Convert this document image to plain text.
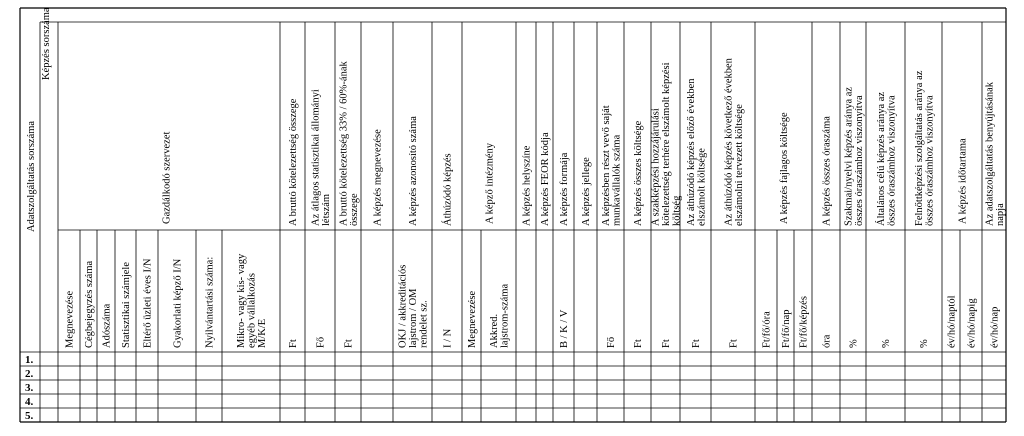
Adatszolgáltatás sorszáma
Képzés sorszáma
Megnevezése Cégbejegyzés száma Adószáma Statisztikai számjele
Gazdálkodó szervezet
Eltérő üzleti éves I/N Gyakorlati képző I/N Nyilvántartási száma: Mikro- vagy kis- vagy egyéb vállalkozás M/K/E
A bruttó kötelezettség összege
Ft
Az átlagos statisztikai állományi létszám
Fő
A bruttó kötelezettség 33% / 60%-ának összege
Ft
A képzés megnevezése A képzés azonosító száma
OKJ / akkreditációs lajstrom / OM rendelet sz.
Áthúzódó képzés
I / N
A képző intézmény
Megnevezése Akkred. lajstrom-száma
A képzés helyszíne A képzés FEOR kódja A képzés formája
B / K / V
A képzés jellege A képzésben részt vevő saját munkavállalók száma
Fő
A képzés összes költsége
Ft
A szakképzési hozzájárulási kötelezettség terhére elszámolt képzési költség
Ft
Az áthúzódó képzés előző években elszámolt költsége
Ft
Az áthúzódó képzés következő években elszámolni tervezett költsége
Ft Ft/fő/óra
A képzés fajlagos költsége
Ft/fő/nap Ft/fő/képzés
A képzés összes óraszáma
óra
Szakmai/nyelvi képzés aránya az összes óraszámhoz viszonyítva
%
Általános célú képzés aránya az összes óraszámhoz viszonyítva
%
Felnőttképzési szolgáltatás aránya az összes óraszámhoz viszonyítva
% év/hó/naptól
A képzés időtartama
év/hó/napig
Az adatszolgáltatás benyújtásának napja
év/hó/nap
1.
2.
3.
4.
5.
